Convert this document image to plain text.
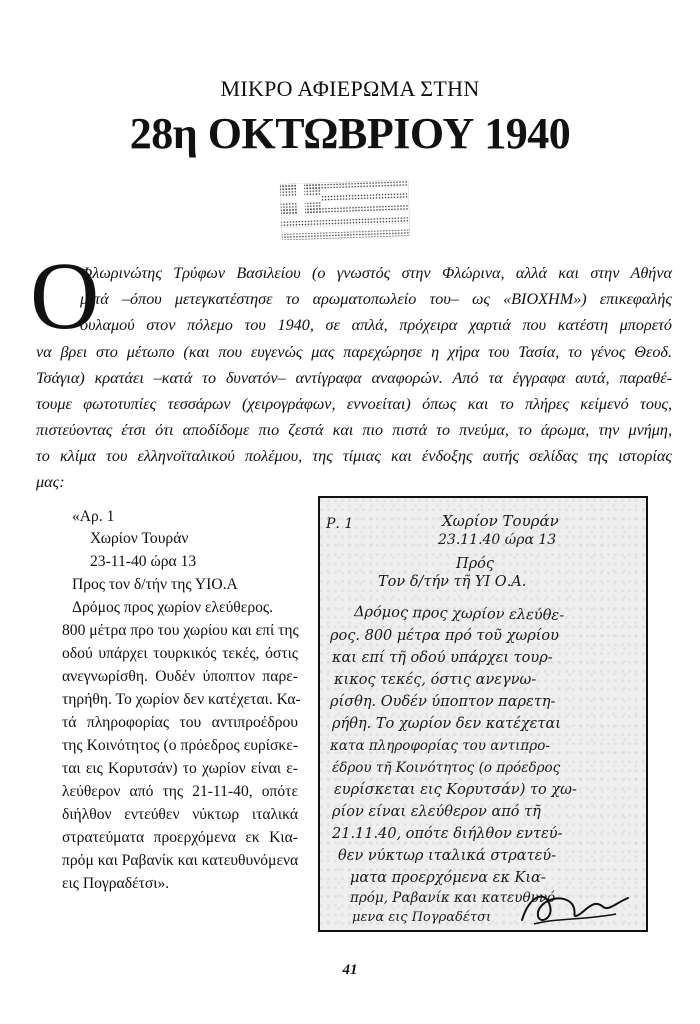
ΜΙΚΡΟ ΑΦΙΕΡΩΜΑ ΣΤΗΝ
28η ΟΚΤΩΒΡΙΟΥ 1940
Ο
Φλωρινώτης Τρύφων Βασιλείου (ο γνωστός στην Φλώρινα, αλλά και στην Αθήνα
μετά –όπου μετεγκατέστησε το αρωματοπωλείο του– ως «ΒΙΟΧΗΜ») επικεφαλής
ουλαμού στον πόλεμο του 1940, σε απλά, πρόχειρα χαρτιά που κατέστη μπορετό
να βρει στο μέτωπο (και που ευγενώς μας παρεχώρησε η χήρα του Τασία, το γένος Θεοδ.
Τσάγια) κρατάει –κατά το δυνατόν– αντίγραφα αναφορών. Από τα έγγραφα αυτά, παραθέ-
τουμε φωτοτυπίες τεσσάρων (χειρογράφων, εννοείται) όπως και το πλήρες κείμενό τους,
πιστεύοντας έτσι ότι αποδίδομε πιο ζεστά και πιο πιστά το πνεύμα, το άρωμα, την μνήμη,
το κλίμα του ελληνοϊταλικού πολέμου, της τίμιας και ένδοξης αυτής σελίδας της ιστορίας
μας:
«Αρ. 1
Χωρίον Τουράν
23-11-40 ώρα 13
Προς τον δ/τήν της ΥΙΟ.Α
Δρόμος προς χωρίον ελεύθερος.
800 μέτρα προ του χωρίου και επί της
οδού υπάρχει τουρκικός τεκές, όστις
ανεγνωρίσθη. Ουδέν ύποπτον παρε-
τηρήθη. Το χωρίον δεν κατέχεται. Κα-
τά πληροφορίας του αντιπροέδρου
της Κοινότητος (ο πρόεδρος ευρίσκε-
ται εις Κορυτσάν) το χωρίον είναι ε-
λεύθερον από της 21-11-40, οπότε
διήλθον εντεύθεν νύκτωρ ιταλικά
στρατεύματα προερχόμενα εκ Κια-
πρόμ και Ραβανίκ και κατευθυνόμενα
εις Πογραδέτσι».
Χωρίον Τουράν
23.11.40 ώρα 13
Ρ. 1
Πρός
Τον δ/τήν τῆ ΥΙ Ο.Α.
Δρόμος προς χωρίον ελεύθε-
ρος. 800 μέτρα πρό τοῦ χωρίου
και επί τῆ οδού υπάρχει τουρ-
κικος τεκές, όστις ανεγνω-
ρίσθη. Ουδέν ύποπτον παρετη-
ρήθη. Το χωρίον δεν κατέχεται
κατα πληροφορίας του αντιπρο-
έδρου τῆ Κοινότητος (ο πρόεδρος
ευρίσκεται εις Κορυτσάν) το χω-
ρίον είναι ελεύθερον από τῆ
21.11.40, οπότε διήλθον εντεύ-
θεν νύκτωρ ιταλικά στρατεύ-
ματα προερχόμενα εκ Κια-
πρόμ, Ραβανίκ και κατευθυνό-
μενα εις Πογραδέτσι
41
